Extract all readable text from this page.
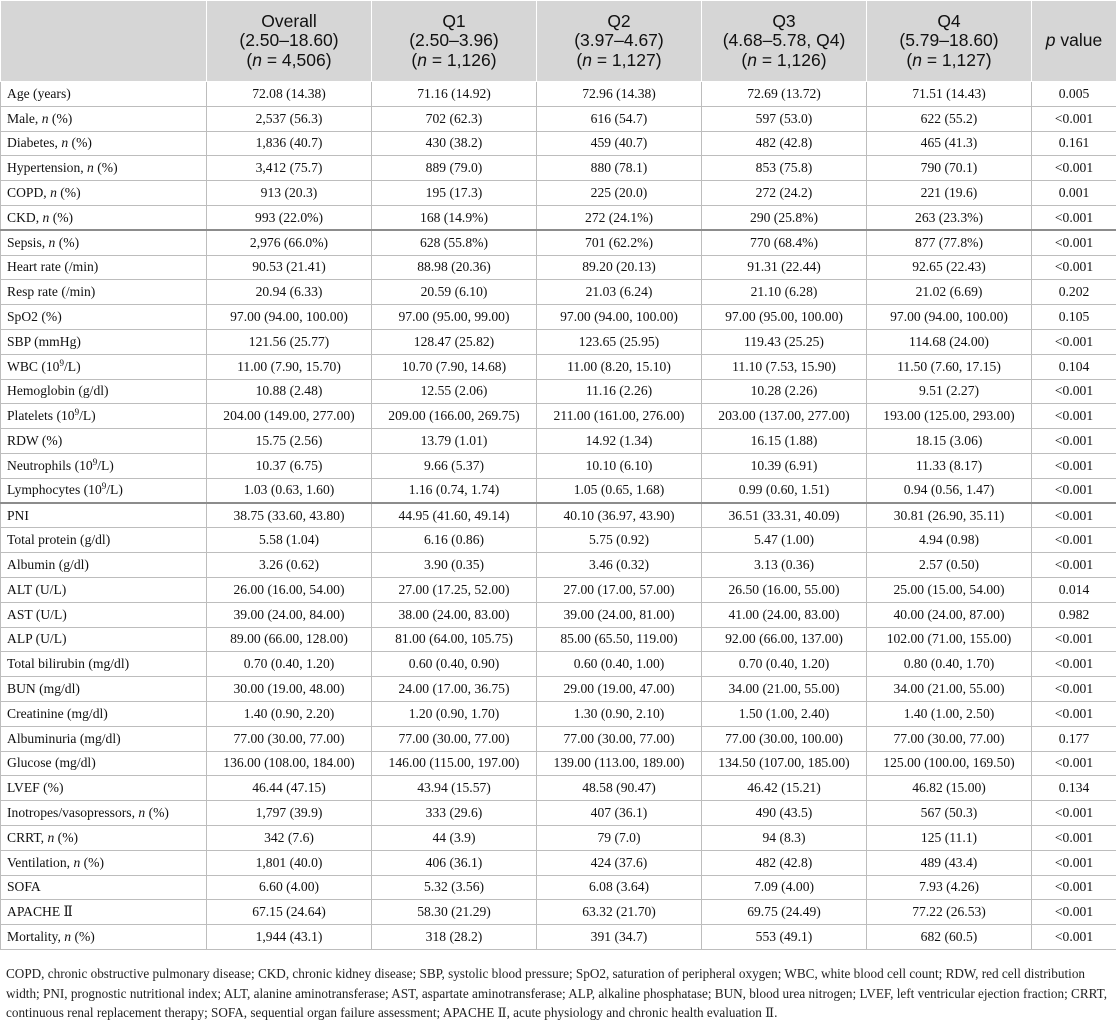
	Overall
(2.50–18.60)
(n = 4,506)	Q1
(2.50–3.96)
(n = 1,126)	Q2
(3.97–4.67)
(n = 1,127)	Q3
(4.68–5.78, Q4)
(n = 1,126)	Q4
(5.79–18.60)
(n = 1,127)	p value

Age (years)	72.08 (14.38)	71.16 (14.92)	72.96 (14.38)	72.69 (13.72)	71.51 (14.43)	0.005
Male, n (%)	2,537 (56.3)	702 (62.3)	616 (54.7)	597 (53.0)	622 (55.2)	<0.001
Diabetes, n (%)	1,836 (40.7)	430 (38.2)	459 (40.7)	482 (42.8)	465 (41.3)	0.161
Hypertension, n (%)	3,412 (75.7)	889 (79.0)	880 (78.1)	853 (75.8)	790 (70.1)	<0.001
COPD, n (%)	913 (20.3)	195 (17.3)	225 (20.0)	272 (24.2)	221 (19.6)	0.001
CKD, n (%)	993 (22.0%)	168 (14.9%)	272 (24.1%)	290 (25.8%)	263 (23.3%)	<0.001
Sepsis, n (%)	2,976 (66.0%)	628 (55.8%)	701 (62.2%)	770 (68.4%)	877 (77.8%)	<0.001
Heart rate (/min)	90.53 (21.41)	88.98 (20.36)	89.20 (20.13)	91.31 (22.44)	92.65 (22.43)	<0.001
Resp rate (/min)	20.94 (6.33)	20.59 (6.10)	21.03 (6.24)	21.10 (6.28)	21.02 (6.69)	0.202
SpO2 (%)	97.00 (94.00, 100.00)	97.00 (95.00, 99.00)	97.00 (94.00, 100.00)	97.00 (95.00, 100.00)	97.00 (94.00, 100.00)	0.105
SBP (mmHg)	121.56 (25.77)	128.47 (25.82)	123.65 (25.95)	119.43 (25.25)	114.68 (24.00)	<0.001
WBC $(10^9/L)$	11.00 (7.90, 15.70)	10.70 (7.90, 14.68)	11.00 (8.20, 15.10)	11.10 (7.53, 15.90)	11.50 (7.60, 17.15)	0.104
Hemoglobin (g/dl)	10.88 (2.48)	12.55 (2.06)	11.16 (2.26)	10.28 (2.26)	9.51 (2.27)	<0.001
Platelets $(10^9/L)$	204.00 (149.00, 277.00)	209.00 (166.00, 269.75)	211.00 (161.00, 276.00)	203.00 (137.00, 277.00)	193.00 (125.00, 293.00)	<0.001
RDW (%)	15.75 (2.56)	13.79 (1.01)	14.92 (1.34)	16.15 (1.88)	18.15 (3.06)	<0.001
Neutrophils $(10^9/L)$	10.37 (6.75)	9.66 (5.37)	10.10 (6.10)	10.39 (6.91)	11.33 (8.17)	<0.001
Lymphocytes $(10^9/L)$	1.03 (0.63, 1.60)	1.16 (0.74, 1.74)	1.05 (0.65, 1.68)	0.99 (0.60, 1.51)	0.94 (0.56, 1.47)	<0.001
PNI	38.75 (33.60, 43.80)	44.95 (41.60, 49.14)	40.10 (36.97, 43.90)	36.51 (33.31, 40.09)	30.81 (26.90, 35.11)	<0.001
Total protein (g/dl)	5.58 (1.04)	6.16 (0.86)	5.75 (0.92)	5.47 (1.00)	4.94 (0.98)	<0.001
Albumin (g/dl)	3.26 (0.62)	3.90 (0.35)	3.46 (0.32)	3.13 (0.36)	2.57 (0.50)	<0.001
ALT (U/L)	26.00 (16.00, 54.00)	27.00 (17.25, 52.00)	27.00 (17.00, 57.00)	26.50 (16.00, 55.00)	25.00 (15.00, 54.00)	0.014
AST (U/L)	39.00 (24.00, 84.00)	38.00 (24.00, 83.00)	39.00 (24.00, 81.00)	41.00 (24.00, 83.00)	40.00 (24.00, 87.00)	0.982
ALP (U/L)	89.00 (66.00, 128.00)	81.00 (64.00, 105.75)	85.00 (65.50, 119.00)	92.00 (66.00, 137.00)	102.00 (71.00, 155.00)	<0.001
Total bilirubin (mg/dl)	0.70 (0.40, 1.20)	0.60 (0.40, 0.90)	0.60 (0.40, 1.00)	0.70 (0.40, 1.20)	0.80 (0.40, 1.70)	<0.001
BUN (mg/dl)	30.00 (19.00, 48.00)	24.00 (17.00, 36.75)	29.00 (19.00, 47.00)	34.00 (21.00, 55.00)	34.00 (21.00, 55.00)	<0.001
Creatinine (mg/dl)	1.40 (0.90, 2.20)	1.20 (0.90, 1.70)	1.30 (0.90, 2.10)	1.50 (1.00, 2.40)	1.40 (1.00, 2.50)	<0.001
Albuminuria (mg/dl)	77.00 (30.00, 77.00)	77.00 (30.00, 77.00)	77.00 (30.00, 77.00)	77.00 (30.00, 100.00)	77.00 (30.00, 77.00)	0.177
Glucose (mg/dl)	136.00 (108.00, 184.00)	146.00 (115.00, 197.00)	139.00 (113.00, 189.00)	134.50 (107.00, 185.00)	125.00 (100.00, 169.50)	<0.001
LVEF (%)	46.44 (47.15)	43.94 (15.57)	48.58 (90.47)	46.42 (15.21)	46.82 (15.00)	0.134
Inotropes/vasopressors, n (%)	1,797 (39.9)	333 (29.6)	407 (36.1)	490 (43.5)	567 (50.3)	<0.001
CRRT, n (%)	342 (7.6)	44 (3.9)	79 (7.0)	94 (8.3)	125 (11.1)	<0.001
Ventilation, n (%)	1,801 (40.0)	406 (36.1)	424 (37.6)	482 (42.8)	489 (43.4)	<0.001
SOFA	6.60 (4.00)	5.32 (3.56)	6.08 (3.64)	7.09 (4.00)	7.93 (4.26)	<0.001
APACHE Ⅱ	67.15 (24.64)	58.30 (21.29)	63.32 (21.70)	69.75 (24.49)	77.22 (26.53)	<0.001
Mortality, n (%)	1,944 (43.1)	318 (28.2)	391 (34.7)	553 (49.1)	682 (60.5)	<0.001
COPD, chronic obstructive pulmonary disease; CKD, chronic kidney disease; SBP, systolic blood pressure; SpO2, saturation of peripheral oxygen; WBC, white blood cell count; RDW, red cell distribution width; PNI, prognostic nutritional index; ALT, alanine aminotransferase; AST, aspartate aminotransferase; ALP, alkaline phosphatase; BUN, blood urea nitrogen; LVEF, left ventricular ejection fraction; CRRT, continuous renal replacement therapy; SOFA, sequential organ failure assessment; APACHE Ⅱ, acute physiology and chronic health evaluation Ⅱ.
